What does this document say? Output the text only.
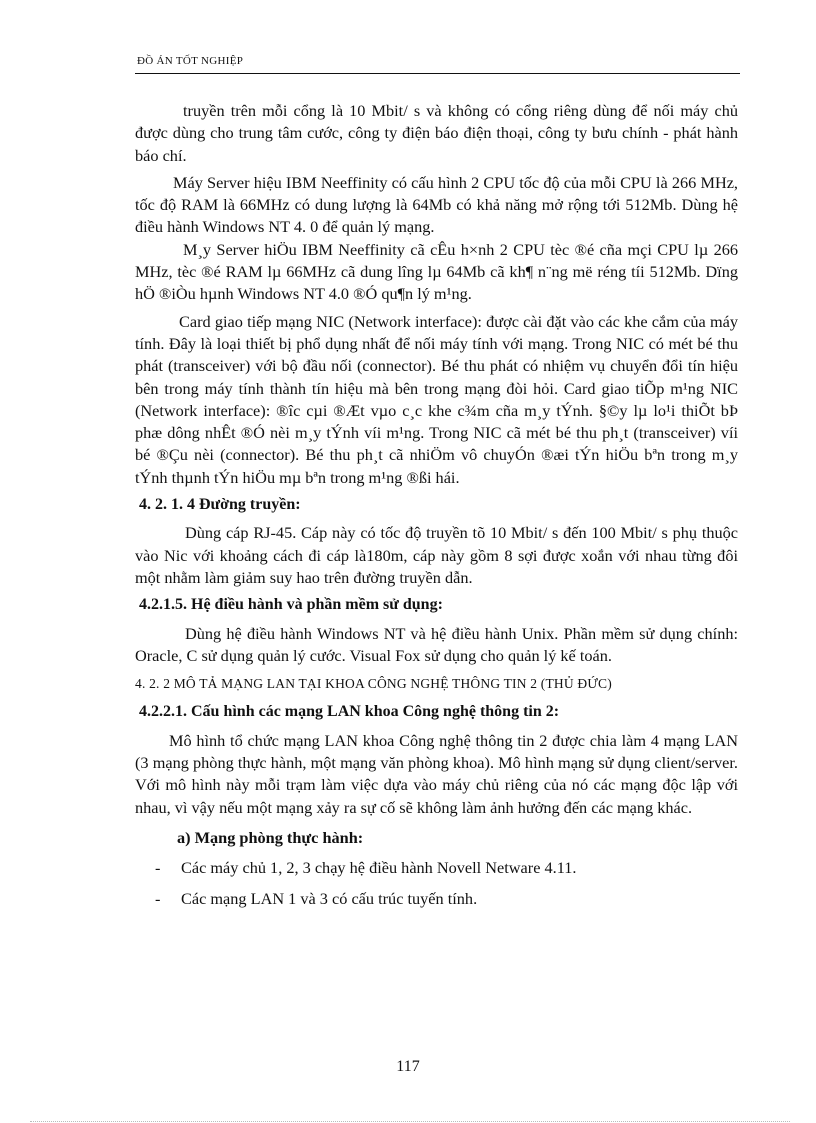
ĐỒ ÁN TỐT NGHIỆP

truyền trên mỗi cổng là 10 Mbit/ s và không có cổng riêng dùng để nối máy chủ được dùng cho trung tâm cước, công ty điện báo điện thoại, công ty bưu chính - phát hành báo chí.

Máy Server hiệu IBM Neeffinity có cấu hình 2 CPU tốc độ của mỗi CPU là 266 MHz, tốc độ RAM là 66MHz có dung lượng là 64Mb có khả năng mở rộng tới 512Mb. Dùng hệ điều hành Windows NT 4. 0 để quản lý mạng.

M¸y Server hiÖu IBM Neeffinity cã cÊu h×nh 2 CPU tèc ®é cña mçi CPU lµ 266 MHz, tèc ®é RAM lµ 66MHz cã dung lîng lµ 64Mb cã kh¶ n¨ng më réng tíi 512Mb. Dïng hÖ ®iÒu hµnh Windows NT 4.0 ®Ó qu¶n lý m¹ng.

Card giao tiếp mạng NIC (Network interface): được cài đặt vào các khe cắm của máy tính. Đây là loại thiết bị phổ dụng nhất để nối máy tính với mạng. Trong NIC có mét bé thu phát (transceiver) với bộ đầu nối (connector). Bé thu phát có nhiệm vụ chuyển đổi tín hiệu bên trong máy tính thành tín hiệu mà bên trong mạng đòi hỏi. Card giao tiÕp m¹ng NIC (Network interface): ®îc cµi ®Æt vµo c¸c khe c¾m cña m¸y tÝnh. §©y lµ lo¹i thiÕt bÞ phæ dông nhÊt ®Ó nèi m¸y tÝnh víi m¹ng. Trong NIC cã mét bé thu ph¸t (transceiver) víi bé ®Çu nèi (connector). Bé thu ph¸t cã nhiÖm vô chuyÓn ®æi tÝn hiÖu bªn trong m¸y tÝnh thµnh tÝn hiÖu mµ bªn trong m¹ng ®ßi hái.

4. 2. 1. 4 Đường truyền:

Dùng cáp RJ-45. Cáp này có tốc độ truyền tõ 10 Mbit/ s đến 100 Mbit/ s phụ thuộc vào Nic với khoảng cách đi cáp là180m, cáp này gồm 8 sợi được xoắn với nhau từng đôi một nhằm làm giảm suy hao trên đường truyền dẫn.

4.2.1.5. Hệ điều hành và phần mềm sử dụng:

Dùng hệ điều hành Windows NT và hệ điều hành Unix. Phần mềm sử dụng chính: Oracle, C sử dụng quản lý cước. Visual Fox sử dụng cho quản lý kế toán.

4. 2. 2 MÔ TẢ MẠNG LAN TẠI KHOA CÔNG NGHỆ THÔNG TIN 2 (THỦ ĐỨC)
4.2.2.1. Cấu hình các mạng LAN khoa Công nghệ thông tin 2:

Mô hình tổ chức mạng LAN khoa Công nghệ thông tin 2 được chia làm 4 mạng LAN (3 mạng phòng thực hành, một mạng văn phòng khoa). Mô hình mạng sử dụng client/server. Với mô hình này mỗi trạm làm việc dựa vào máy chủ riêng của nó các mạng độc lập với nhau, vì vậy nếu một mạng xảy ra sự cố sẽ không làm ảnh hưởng đến các mạng khác.

a) Mạng phòng thực hành:
- Các máy chủ 1, 2, 3 chạy hệ điều hành Novell Netware 4.11.
- Các mạng LAN 1 và 3 có cấu trúc tuyến tính.
117
